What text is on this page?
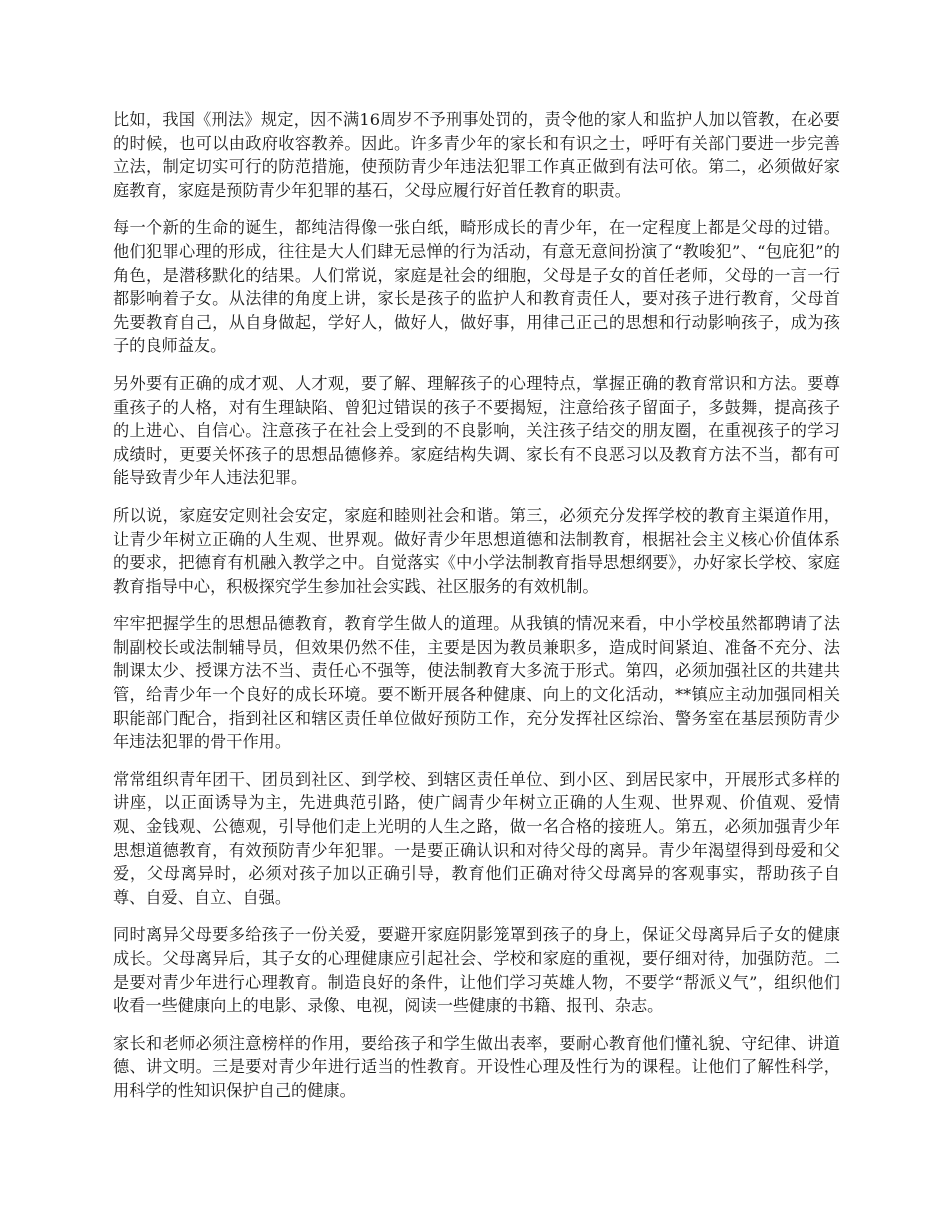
比如，我国《刑法》规定，因不满16周岁不予刑事处罚的，责令他的家人和监护人加以管教，在必要的时候，也可以由政府收容教养。因此。许多青少年的家长和有识之士，呼吁有关部门要进一步完善立法，制定切实可行的防范措施，使预防青少年违法犯罪工作真正做到有法可依。第二，必须做好家庭教育，家庭是预防青少年犯罪的基石，父母应履行好首任教育的职责。

每一个新的生命的诞生，都纯洁得像一张白纸，畸形成长的青少年，在一定程度上都是父母的过错。他们犯罪心理的形成，往往是大人们肆无忌惮的行为活动，有意无意间扮演了“教唆犯”、“包庇犯”的角色，是潜移默化的结果。人们常说，家庭是社会的细胞，父母是子女的首任老师，父母的一言一行都影响着子女。从法律的角度上讲，家长是孩子的监护人和教育责任人，要对孩子进行教育，父母首先要教育自己，从自身做起，学好人，做好人，做好事，用律己正己的思想和行动影响孩子，成为孩子的良师益友。

另外要有正确的成才观、人才观，要了解、理解孩子的心理特点，掌握正确的教育常识和方法。要尊重孩子的人格，对有生理缺陷、曾犯过错误的孩子不要揭短，注意给孩子留面子，多鼓舞，提高孩子的上进心、自信心。注意孩子在社会上受到的不良影响，关注孩子结交的朋友圈，在重视孩子的学习成绩时，更要关怀孩子的思想品德修养。家庭结构失调、家长有不良恶习以及教育方法不当，都有可能导致青少年人违法犯罪。

所以说，家庭安定则社会安定，家庭和睦则社会和谐。第三，必须充分发挥学校的教育主渠道作用，让青少年树立正确的人生观、世界观。做好青少年思想道德和法制教育，根据社会主义核心价值体系的要求，把德育有机融入教学之中。自觉落实《中小学法制教育指导思想纲要》，办好家长学校、家庭教育指导中心，积极探究学生参加社会实践、社区服务的有效机制。

牢牢把握学生的思想品德教育，教育学生做人的道理。从我镇的情况来看，中小学校虽然都聘请了法制副校长或法制辅导员，但效果仍然不佳，主要是因为教员兼职多，造成时间紧迫、准备不充分、法制课太少、授课方法不当、责任心不强等，使法制教育大多流于形式。第四，必须加强社区的共建共管，给青少年一个良好的成长环境。要不断开展各种健康、向上的文化活动，**镇应主动加强同相关职能部门配合，指到社区和辖区责任单位做好预防工作，充分发挥社区综治、警务室在基层预防青少年违法犯罪的骨干作用。

常常组织青年团干、团员到社区、到学校、到辖区责任单位、到小区、到居民家中，开展形式多样的讲座，以正面诱导为主，先进典范引路，使广阔青少年树立正确的人生观、世界观、价值观、爱情观、金钱观、公德观，引导他们走上光明的人生之路，做一名合格的接班人。第五，必须加强青少年思想道德教育，有效预防青少年犯罪。一是要正确认识和对待父母的离异。青少年渴望得到母爱和父爱，父母离异时，必须对孩子加以正确引导，教育他们正确对待父母离异的客观事实，帮助孩子自尊、自爱、自立、自强。

同时离异父母要多给孩子一份关爱，要避开家庭阴影笼罩到孩子的身上，保证父母离异后子女的健康成长。父母离异后，其子女的心理健康应引起社会、学校和家庭的重视，要仔细对待，加强防范。二是要对青少年进行心理教育。制造良好的条件，让他们学习英雄人物，不要学“帮派义气”，组织他们收看一些健康向上的电影、录像、电视，阅读一些健康的书籍、报刊、杂志。

家长和老师必须注意榜样的作用，要给孩子和学生做出表率，要耐心教育他们懂礼貌、守纪律、讲道德、讲文明。三是要对青少年进行适当的性教育。开设性心理及性行为的课程。让他们了解性科学，用科学的性知识保护自己的健康。
